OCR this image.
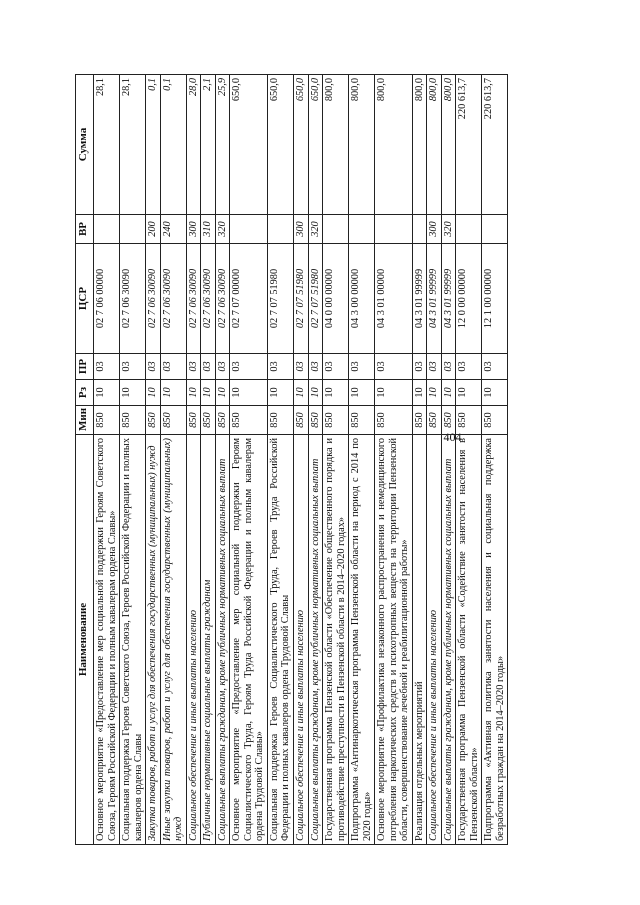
404
Наименование	Мин	Рз	ПР	ЦСР	ВР	Сумма
Основное мероприятие «Предоставление мер социальной поддержки Героям Советского Союза, Героям Российской Федерации и полным кавалерам ордена Славы»	850	10	03	02 7 06 00000		28,1
Социальная поддержка Героев Советского Союза, Героев Российской Федерации и полных кавалеров ордена Славы	850	10	03	02 7 06 30090		28,1
Закупка товаров, работ и услуг для обеспечения государственных (муниципальных) нужд	850	10	03	02 7 06 30090	200	0,1
Иные закупки товаров, работ и услуг для обеспечения государственных (муниципальных) нужд	850	10	03	02 7 06 30090	240	0,1
Социальное обеспечение и иные выплаты населению	850	10	03	02 7 06 30090	300	28,0
Публичные нормативные социальные выплаты гражданам	850	10	03	02 7 06 30090	310	2,1
Социальные выплаты гражданам, кроме публичных нормативных социальных выплат	850	10	03	02 7 06 30090	320	25,9
Основное мероприятие «Предоставление мер социальной поддержки Героям Социалистического Труда, Героям Труда Российской Федерации и полным кавалерам ордена Трудовой Славы»	850	10	03	02 7 07 00000		650,0
Социальная поддержка Героев Социалистического Труда, Героев Труда Российской Федерации и полных кавалеров ордена Трудовой Славы	850	10	03	02 7 07 51980		650,0
Социальное обеспечение и иные выплаты населению	850	10	03	02 7 07 51980	300	650,0
Социальные выплаты гражданам, кроме публичных нормативных социальных выплат	850	10	03	02 7 07 51980	320	650,0
Государственная программа Пензенской области «Обеспечение общественного порядка и противодействие преступности в Пензенской области в 2014–2020 годах»	850	10	03	04 0 00 00000		800,0
Подпрограмма «Антинаркотическая программа Пензенской области на период с 2014 по 2020 годы»	850	10	03	04 3 00 00000		800,0
Основное мероприятие «Профилактика незаконного распространения и немедицинского потребления наркотических средств и психотропных веществ на территории Пензенской области, совершенствование лечебной и реабилитационной работы»	850	10	03	04 3 01 00000		800,0
Реализация отдельных мероприятий	850	10	03	04 3 01 99999		800,0
Социальное обеспечение и иные выплаты населению	850	10	03	04 3 01 99999	300	800,0
Социальные выплаты гражданам, кроме публичных нормативных социальных выплат	850	10	03	04 3 01 99999	320	800,0
Государственная программа Пензенской области «Содействие занятости населения в Пензенской области»	850	10	03	12 0 00 00000		220 613,7
Подпрограмма «Активная политика занятости населения и социальная поддержка безработных граждан на 2014–2020 годы»	850	10	03	12 1 00 00000		220 613,7
